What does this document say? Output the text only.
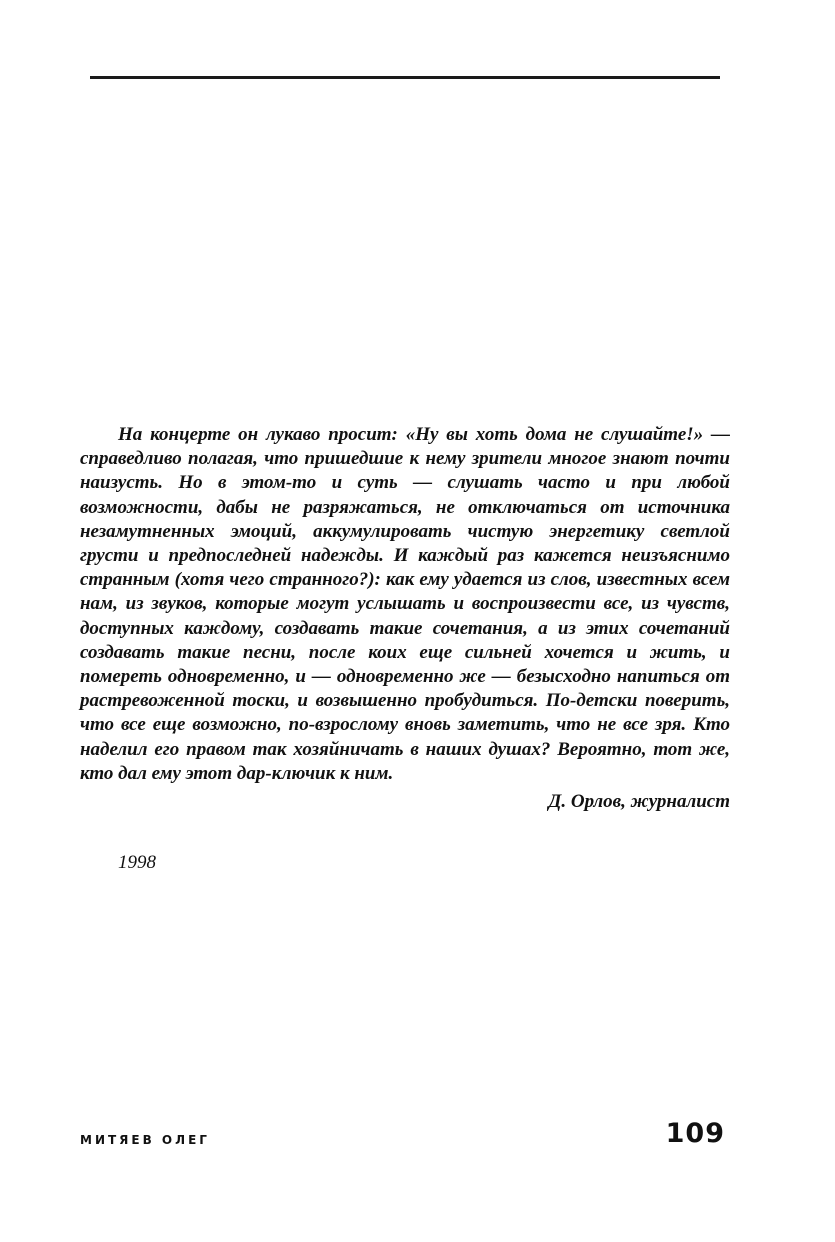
На концерте он лукаво просит: «Ну вы хоть дома не слушайте!» — справедливо полагая, что пришедшие к нему зрители многое знают почти наизусть. Но в этом-то и суть — слушать часто и при любой возможности, дабы не разряжаться, не отключаться от источника незамутненных эмоций, аккумулировать чистую энергетику светлой грусти и предпоследней надежды. И каждый раз кажется неизъяснимо странным (хотя чего странного?): как ему удается из слов, известных всем нам, из звуков, которые могут услышать и воспроизвести все, из чувств, доступных каждому, создавать такие сочетания, а из этих сочетаний создавать такие песни, после коих еще сильней хочется и жить, и помереть одновременно, и — одновременно же — безысходно напиться от растревоженной тоски, и возвышенно пробудиться. По-детски поверить, что все еще возможно, по-взрослому вновь заметить, что не все зря. Кто наделил его правом так хозяйничать в наших душах? Вероятно, тот же, кто дал ему этот дар-ключик к ним.

Д. Орлов, журналист

1998
МИТЯЕВ ОЛЕГ	109
